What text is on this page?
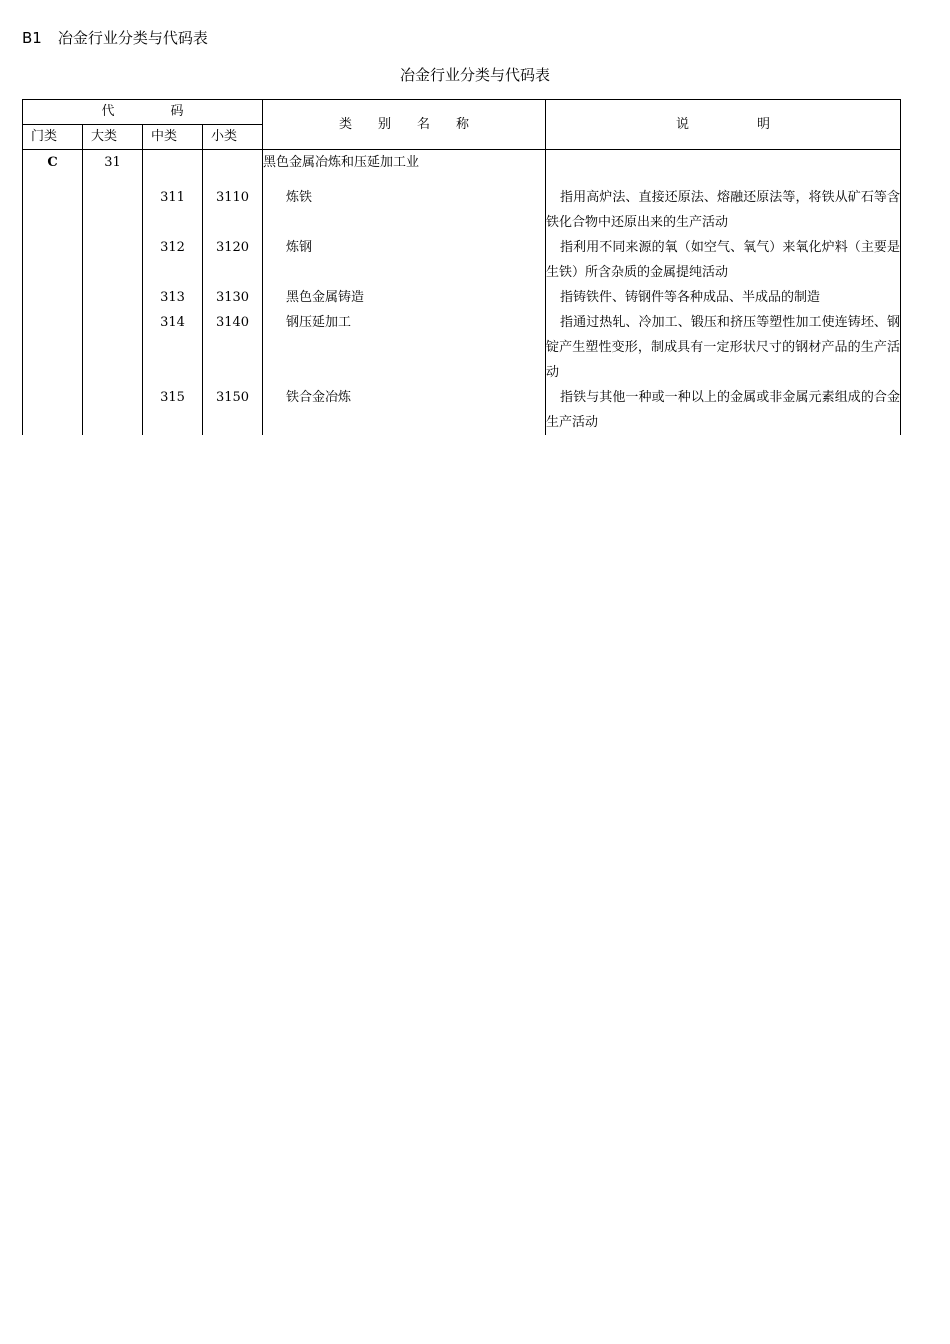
B1 冶金行业分类与代码表
冶金行业分类与代码表
代 码				类 别 名 称	说 明
门类	大类	中类	小类		
C	31			黑色金属冶炼和压延加工业	

		311	3110	炼铁	指用高炉法、直接还原法、熔融还原法等，将铁从矿石等含铁化合物中还原出来的生产活动

		312	3120	炼钢	指利用不同来源的氧（如空气、氧气）来氧化炉料（主要是生铁）所含杂质的金属提纯活动

		313	3130	黑色金属铸造	指铸铁件、铸钢件等各种成品、半成品的制造

		314	3140	钢压延加工	指通过热轧、冷加工、锻压和挤压等塑性加工使连铸坯、钢锭产生塑性变形，制成具有一定形状尺寸的钢材产品的生产活动

		315	3150	铁合金冶炼	指铁与其他一种或一种以上的金属或非金属元素组成的合金生产活动
